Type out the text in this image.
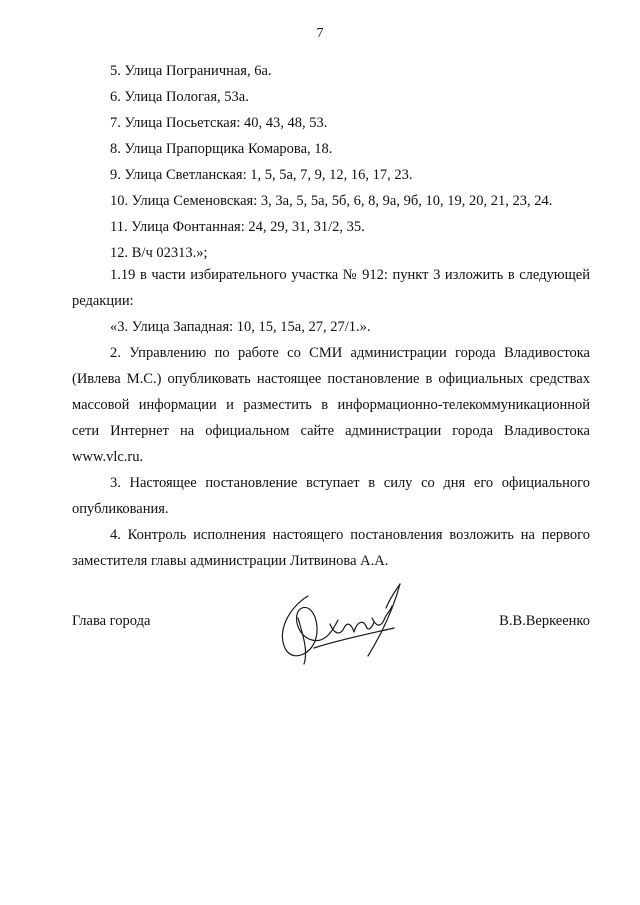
7
5. Улица Пограничная, 6а.
6. Улица Пологая, 53а.
7. Улица Посьетская: 40, 43, 48, 53.
8. Улица Прапорщика Комарова, 18.
9. Улица Светланская: 1, 5, 5а, 7, 9, 12, 16, 17, 23.
10. Улица Семеновская: 3, 3а, 5, 5а, 5б, 6, 8, 9а, 9б, 10, 19, 20, 21, 23, 24.
11. Улица Фонтанная: 24, 29, 31, 31/2, 35.
12. В/ч 02313.»;
1.19 в части избирательного участка № 912: пункт 3 изложить в следующей редакции:
«3. Улица Западная: 10, 15, 15а, 27, 27/1.».
2. Управлению по работе со СМИ администрации города Владивостока (Ивлева М.С.) опубликовать настоящее постановление в официальных средствах массовой информации и разместить в информационно-телекоммуникационной сети Интернет на официальном сайте администрации города Владивостока www.vlc.ru.
3. Настоящее постановление вступает в силу со дня его официального опубликования.
4. Контроль исполнения настоящего постановления возложить на первого заместителя главы администрации Литвинова А.А.
Глава города	В.В.Веркеенко
